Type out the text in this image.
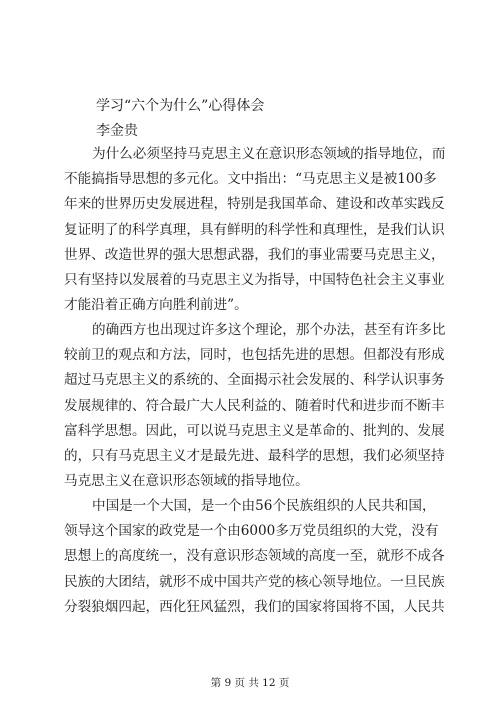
学习“六个为什么”心得体会
李金贵
为什么必须坚持马克思主义在意识形态领域的指导地位，而
不能搞指导思想的多元化。文中指出：“马克思主义是被100多
年来的世界历史发展进程，特别是我国革命、建设和改革实践反
复证明了的科学真理，具有鲜明的科学性和真理性，是我们认识
世界、改造世界的强大思想武器，我们的事业需要马克思主义，
只有坚持以发展着的马克思主义为指导，中国特色社会主义事业
才能沿着正确方向胜利前进”。
的确西方也出现过许多这个理论，那个办法，甚至有许多比
较前卫的观点和方法，同时，也包括先进的思想。但都没有形成
超过马克思主义的系统的、全面揭示社会发展的、科学认识事务
发展规律的、符合最广大人民利益的、随着时代和进步而不断丰
富科学思想。因此，可以说马克思主义是革命的、批判的、发展
的，只有马克思主义才是最先进、最科学的思想，我们必须坚持
马克思主义在意识形态领域的指导地位。
中国是一个大国，是一个由56个民族组织的人民共和国，
领导这个国家的政党是一个由6000多万党员组织的大党，没有
思想上的高度统一，没有意识形态领域的高度一至，就形不成各
民族的大团结，就形不成中国共产党的核心领导地位。一旦民族
分裂狼烟四起，西化狂风猛烈，我们的国家将国将不国，人民共
第 9 页 共 12 页
